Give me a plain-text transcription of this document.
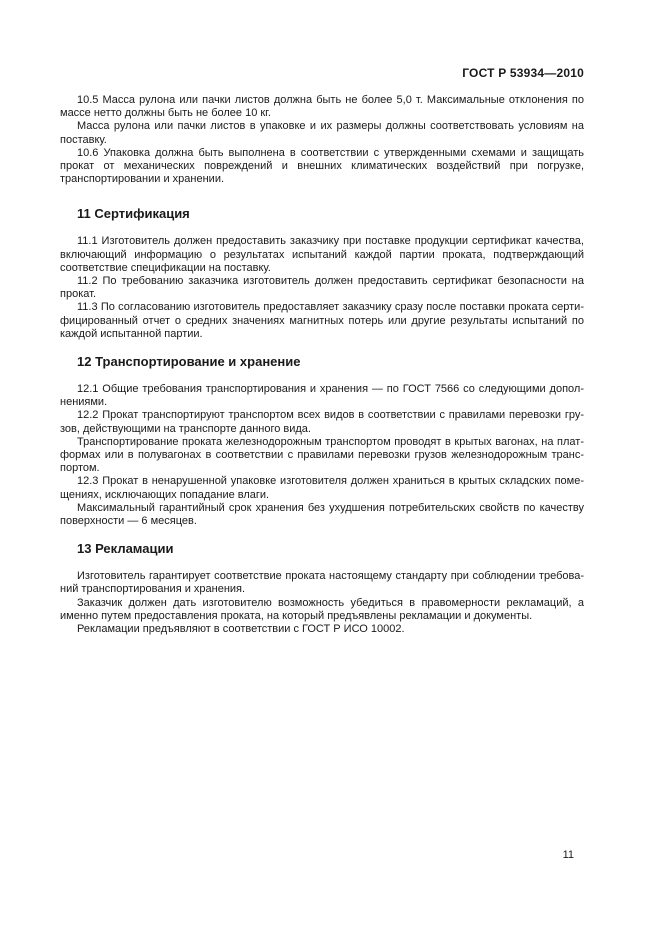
ГОСТ Р 53934—2010

10.5 Масса рулона или пачки листов должна быть не более 5,0 т. Максимальные отклонения по массе нетто должны быть не более 10 кг.

Масса рулона или пачки листов в упаковке и их размеры должны соответствовать условиям на поставку.

10.6 Упаковка должна быть выполнена в соответствии с утвержденными схемами и защищать прокат от механических повреждений и внешних климатических воздействий при погрузке, транспортировании и хранении.

11 Сертификация

11.1 Изготовитель должен предоставить заказчику при поставке продукции сертификат качества, включающий информацию о результатах испытаний каждой партии проката, подтверждающий соответствие спецификации на поставку.

11.2 По требованию заказчика изготовитель должен предоставить сертификат безопасности на прокат.

11.3 По согласованию изготовитель предоставляет заказчику сразу после поставки проката сертифицированный отчет о средних значениях магнитных потерь или другие результаты испытаний по каждой испытанной партии.

12 Транспортирование и хранение

12.1 Общие требования транспортирования и хранения — по ГОСТ 7566 со следующими дополнениями.

12.2 Прокат транспортируют транспортом всех видов в соответствии с правилами перевозки грузов, действующими на транспорте данного вида.

Транспортирование проката железнодорожным транспортом проводят в крытых вагонах, на платформах или в полувагонах в соответствии с правилами перевозки грузов железнодорожным транспортом.

12.3 Прокат в ненарушенной упаковке изготовителя должен храниться в крытых складских помещениях, исключающих попадание влаги.

Максимальный гарантийный срок хранения без ухудшения потребительских свойств по качеству поверхности — 6 месяцев.

13 Рекламации

Изготовитель гарантирует соответствие проката настоящему стандарту при соблюдении требований транспортирования и хранения.

Заказчик должен дать изготовителю возможность убедиться в правомерности рекламаций, а именно путем предоставления проката, на который предъявлены рекламации и документы.

Рекламации предъявляют в соответствии с ГОСТ Р ИСО 10002.

11
